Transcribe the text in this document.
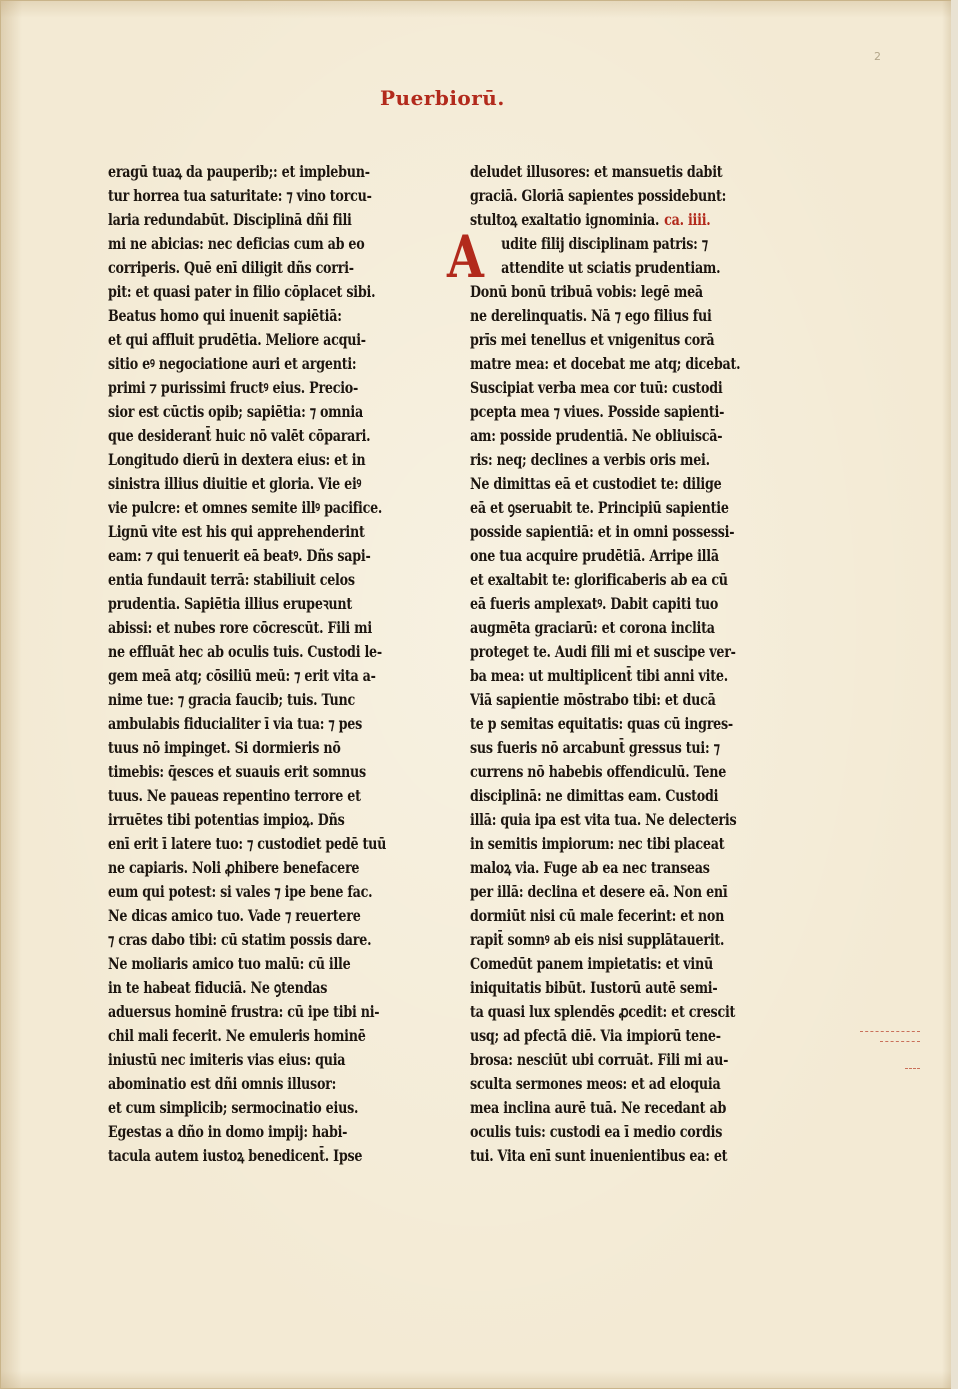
2
Puerbiorū.
eragū tuaꝝ da pauperib;: et implebun-
tur horrea tua saturitate: ⁊ vino torcu-
laria redundabūt. Disciplinā dñi fili
mi ne abicias: nec deficias cum ab eo
corriperis. Quē enī diligit dñs corri-
pit: et quasi pater in filio cōplacet sibi.
Beatus homo qui inuenit sapiētiā:
et qui affluit prudētia. Meliore acqui-
sitio eꝰ negociatione auri et argenti:
primi ⁊ purissimi fructꝰ eius. Precio-
sior est cūctis opib; sapiētia: ⁊ omnia
que desiderant̄ huic nō valēt cōparari.
Longitudo dierū in dextera eius: et in
sinistra illius diuitie et gloria. Vie eiꝰ
vie pulcre: et omnes semite illꝰ pacifice.
Lignū vite est his qui apprehenderint
eam: ⁊ qui tenuerit eā beatꝰ. Dñs sapi-
entia fundauit terrā: stabiliuit celos
prudentia. Sapiētia illius erupeꝛunt
abissi: et nubes rore cōcrescūt. Fili mi
ne effluāt hec ab oculis tuis. Custodi le-
gem meā atq; cōsiliū meū: ⁊ erit vita a-
nime tue: ⁊ gracia faucib; tuis. Tunc
ambulabis fiducialiter ī via tua: ⁊ pes
tuus nō impinget. Si dormieris nō
timebis: q̄esces et suauis erit somnus
tuus. Ne paueas repentino terrore et
irruētes tibi potentias impioꝝ. Dñs
enī erit ī latere tuo: ⁊ custodiet pedē tuū
ne capiaris. Noli ꝓhibere benefacere
eum qui potest: si vales ⁊ ipe bene fac.
Ne dicas amico tuo. Vade ⁊ reuertere
⁊ cras dabo tibi: cū statim possis dare.
Ne moliaris amico tuo malū: cū ille
in te habeat fiduciā. Ne ꝯtendas
aduersus hominē frustra: cū ipe tibi ni-
chil mali fecerit. Ne emuleris hominē
iniustū nec imiteris vias eius: quia
abominatio est dñi omnis illusor:
et cum simplicib; sermocinatio eius.
Egestas a dño in domo impij: habi-
tacula autem iustoꝝ benedicent̄. Ipse
deludet illusores: et mansuetis dabit
graciā. Gloriā sapientes possidebunt:
stultoꝝ exaltatio ignominia. ca. iiii.
A udite filij disciplinam patris: ⁊
attendite ut sciatis prudentiam.
Donū bonū tribuā vobis: legē meā
ne derelinquatis. Nā ⁊ ego filius fui
prīs mei tenellus et vnigenitus corā
matre mea: et docebat me atq; dicebat.
Suscipiat verba mea cor tuū: custodi
pcepta mea ⁊ viues. Posside sapienti-
am: posside prudentiā. Ne obliuiscā-
ris: neq; declines a verbis oris mei.
Ne dimittas eā et custodiet te: dilige
eā et ꝯseruabit te. Principiū sapientie
posside sapientiā: et in omni possessi-
one tua acquire prudētiā. Arripe illā
et exaltabit te: glorificaberis ab ea cū
eā fueris amplexatꝰ. Dabit capiti tuo
augmēta graciarū: et corona inclita
proteget te. Audi fili mi et suscipe ver-
ba mea: ut multiplicent̄ tibi anni vite.
Viā sapientie mōstrabo tibi: et ducā
te p semitas equitatis: quas cū ingres-
sus fueris nō arcabunt̄ gressus tui: ⁊
currens nō habebis offendiculū. Tene
disciplinā: ne dimittas eam. Custodi
illā: quia ipa est vita tua. Ne delecteris
in semitis impiorum: nec tibi placeat
maloꝝ via. Fuge ab ea nec transeas
per illā: declina et desere eā. Non enī
dormiūt nisi cū male fecerint: et non
rapit̄ somnꝰ ab eis nisi supplātauerit.
Comedūt panem impietatis: et vinū
iniquitatis bibūt. Iustorū autē semi-
ta quasi lux splendēs ꝓcedit: et crescit
usq; ad pfectā diē. Via impiorū tene-
brosa: nesciūt ubi corruāt. Fili mi au-
sculta sermones meos: et ad eloquia
mea inclina aurē tuā. Ne recedant ab
oculis tuis: custodi ea ī medio cordis
tui. Vita enī sunt inuenientibus ea: et
